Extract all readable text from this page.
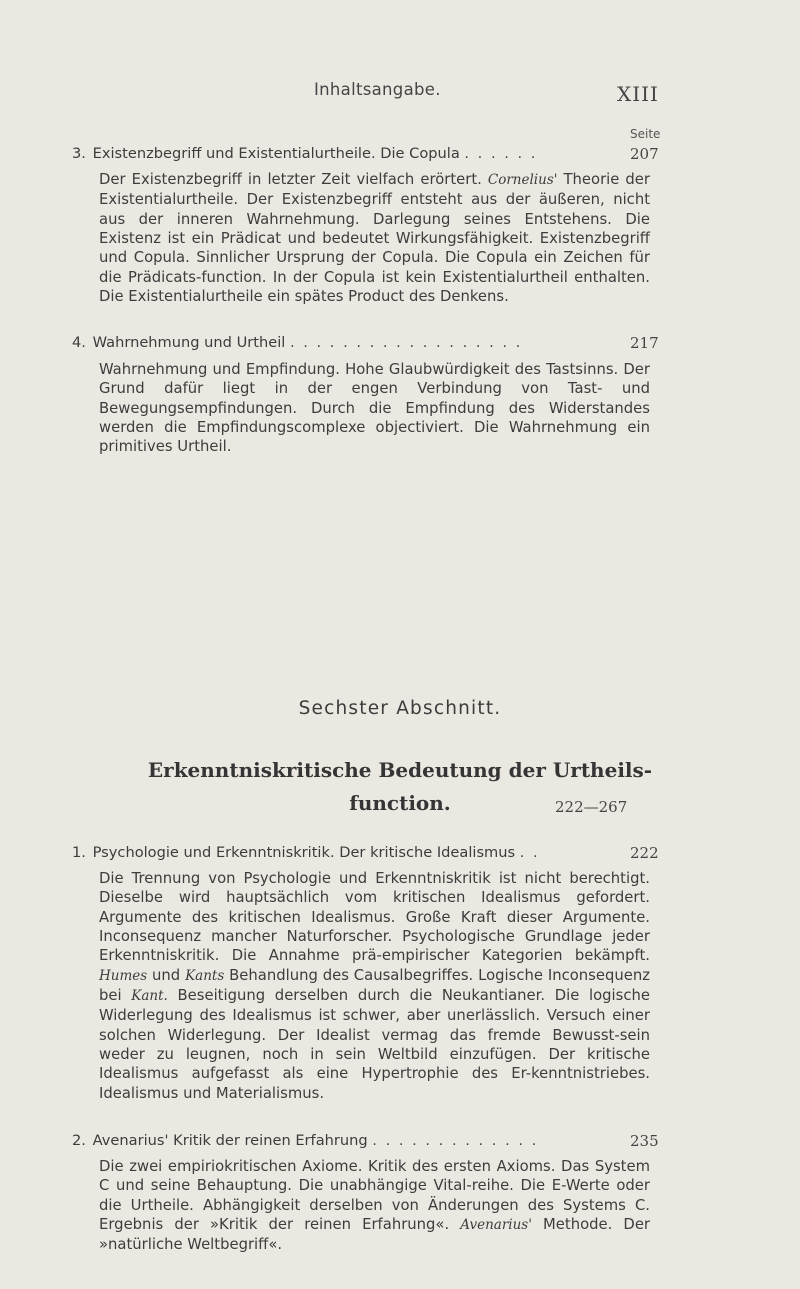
Inhaltsangabe.	XIII
Seite
3. Existenzbegriff und Existentialurtheile. Die Copula . . . . . .	207
Der Existenzbegriff in letzter Zeit vielfach erörtert. Cornelius' Theorie der Existentialurtheile. Der Existenzbegriff entsteht aus der äußeren, nicht aus der inneren Wahrnehmung. Darlegung seines Entstehens. Die Existenz ist ein Prädicat und bedeutet Wirkungsfähigkeit. Existenzbegriff und Copula. Sinnlicher Ursprung der Copula. Die Copula ein Zeichen für die Prädicats-function. In der Copula ist kein Existentialurtheil enthalten. Die Existentialurtheile ein spätes Product des Denkens.
4. Wahrnehmung und Urtheil . . . . . . . . . . . . . . . . . .	217
Wahrnehmung und Empfindung. Hohe Glaubwürdigkeit des Tastsinns. Der Grund dafür liegt in der engen Verbindung von Tast- und Bewegungsempfindungen. Durch die Empfindung des Widerstandes werden die Empfindungscomplexe objectiviert. Die Wahrnehmung ein primitives Urtheil.
Sechster Abschnitt.
Erkenntniskritische Bedeutung der Urtheils-
function.	222—267
1. Psychologie und Erkenntniskritik. Der kritische Idealismus . .	222
Die Trennung von Psychologie und Erkenntniskritik ist nicht berechtigt. Dieselbe wird hauptsächlich vom kritischen Idealismus gefordert. Argumente des kritischen Idealismus. Große Kraft dieser Argumente. Inconsequenz mancher Naturforscher. Psychologische Grundlage jeder Erkenntniskritik. Die Annahme prä-empirischer Kategorien bekämpft. Humes und Kants Behandlung des Causalbegriffes. Logische Inconsequenz bei Kant. Beseitigung derselben durch die Neukantianer. Die logische Widerlegung des Idealismus ist schwer, aber unerlässlich. Versuch einer solchen Widerlegung. Der Idealist vermag das fremde Bewusst-sein weder zu leugnen, noch in sein Weltbild einzufügen. Der kritische Idealismus aufgefasst als eine Hypertrophie des Er-kenntnistriebes. Idealismus und Materialismus.
2. Avenarius' Kritik der reinen Erfahrung . . . . . . . . . . . . .	235
Die zwei empiriokritischen Axiome. Kritik des ersten Axioms. Das System C und seine Behauptung. Die unabhängige Vital-reihe. Die E-Werte oder die Urtheile. Abhängigkeit derselben von Änderungen des Systems C. Ergebnis der »Kritik der reinen Erfahrung«. Avenarius' Methode. Der »natürliche Weltbegriff«.
